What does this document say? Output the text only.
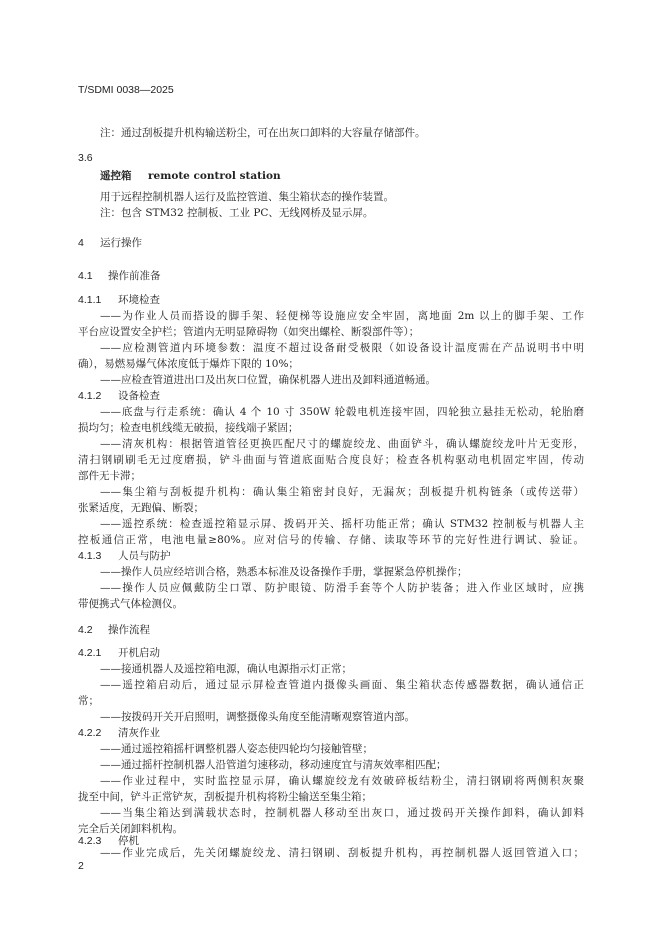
T/SDMI 0038—2025
注：通过刮板提升机构输送粉尘，可在出灰口卸料的大容量存储部件。
3.6
遥控箱 remote control station
用于远程控制机器人运行及监控管道、集尘箱状态的操作装置。
注：包含 STM32 控制板、工业 PC、无线网桥及显示屏。
4 运行操作
4.1 操作前准备
4.1.1 环境检查
——为作业人员而搭设的脚手架、轻便梯等设施应安全牢固，离地面 2m 以上的脚手架、工作
平台应设置安全护栏；管道内无明显障碍物（如突出螺栓、断裂部件等）；
——应检测管道内环境参数：温度不超过设备耐受极限（如设备设计温度需在产品说明书中明
确），易燃易爆气体浓度低于爆炸下限的 10%；
——应检查管道进出口及出灰口位置，确保机器人进出及卸料通道畅通。
4.1.2 设备检查
——底盘与行走系统：确认 4 个 10 寸 350W 轮毂电机连接牢固，四轮独立悬挂无松动，轮胎磨
损均匀；检查电机线缆无破损，接线端子紧固；
——清灰机构：根据管道管径更换匹配尺寸的螺旋绞龙、曲面铲斗，确认螺旋绞龙叶片无变形，
清扫钢刷刷毛无过度磨损，铲斗曲面与管道底面贴合度良好；检查各机构驱动电机固定牢固，传动
部件无卡滞；
——集尘箱与刮板提升机构：确认集尘箱密封良好，无漏灰；刮板提升机构链条（或传送带）
张紧适度，无跑偏、断裂；
——遥控系统：检查遥控箱显示屏、拨码开关、摇杆功能正常；确认 STM32 控制板与机器人主
控板通信正常，电池电量≥80%。应对信号的传输、存储、读取等环节的完好性进行调试、验证。
4.1.3 人员与防护
——操作人员应经培训合格，熟悉本标准及设备操作手册，掌握紧急停机操作；
——操作人员应佩戴防尘口罩、防护眼镜、防滑手套等个人防护装备；进入作业区域时，应携
带便携式气体检测仪。
4.2 操作流程
4.2.1 开机启动
——接通机器人及遥控箱电源，确认电源指示灯正常；
——遥控箱启动后，通过显示屏检查管道内摄像头画面、集尘箱状态传感器数据，确认通信正
常；
——按拨码开关开启照明，调整摄像头角度至能清晰观察管道内部。
4.2.2 清灰作业
——通过遥控箱摇杆调整机器人姿态使四轮均匀接触管壁；
——通过摇杆控制机器人沿管道匀速移动，移动速度宜与清灰效率相匹配；
——作业过程中，实时监控显示屏，确认螺旋绞龙有效破碎板结粉尘，清扫钢刷将两侧积灰聚
拢至中间，铲斗正常铲灰，刮板提升机构将粉尘输送至集尘箱；
——当集尘箱达到满载状态时，控制机器人移动至出灰口，通过拨码开关操作卸料，确认卸料
完全后关闭卸料机构。
4.2.3 停机
——作业完成后，先关闭螺旋绞龙、清扫钢刷、刮板提升机构，再控制机器人返回管道入口；
2
